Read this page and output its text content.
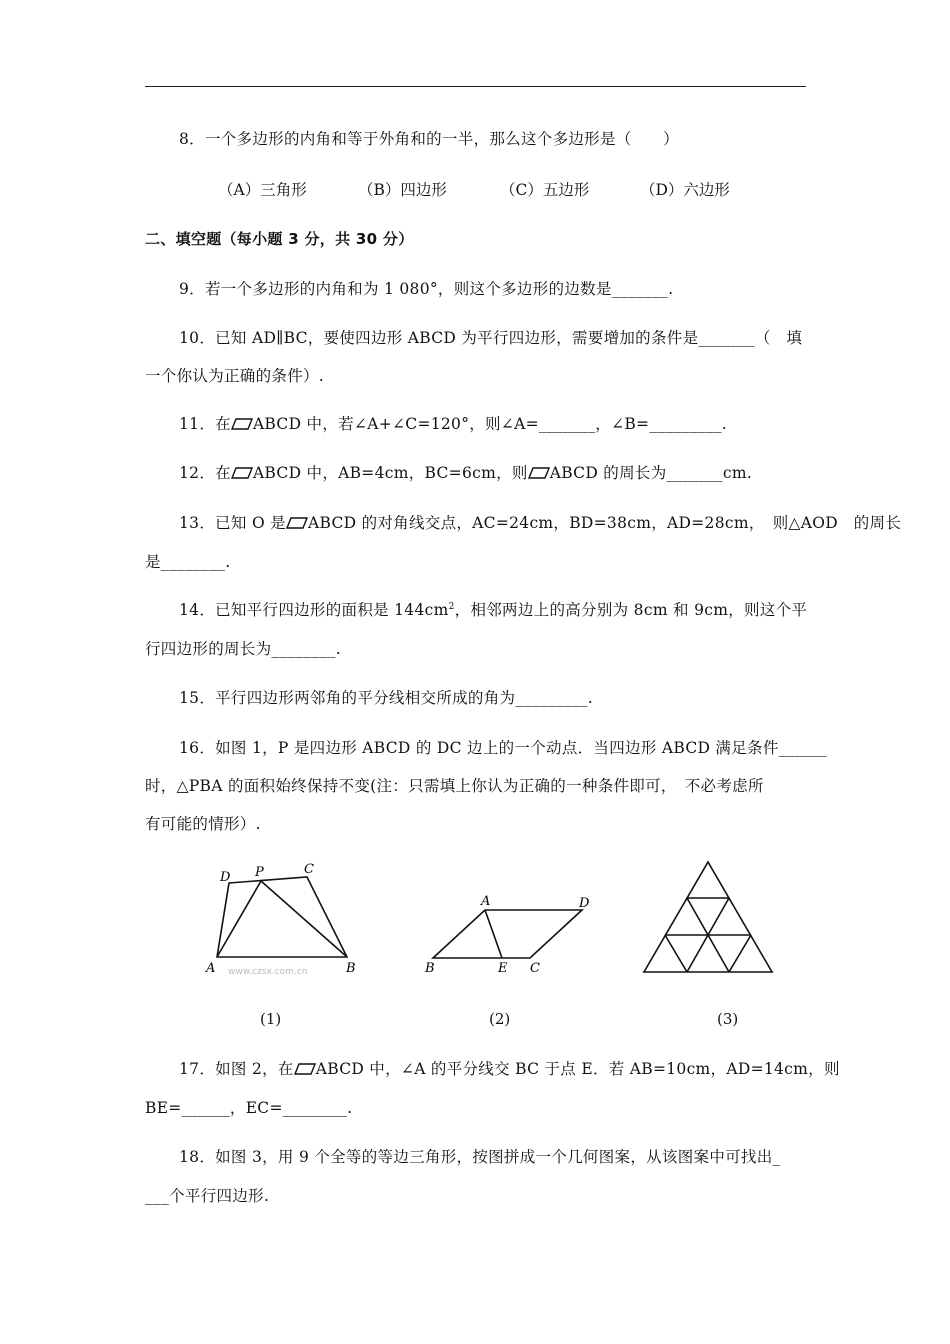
8．一个多边形的内角和等于外角和的一半，那么这个多边形是（　　）
（A）三角形	（B）四边形	（C）五边形	（D）六边形
二、填空题（每小题 3 分，共 30 分）
9．若一个多边形的内角和为 1 080°，则这个多边形的边数是_______.
10．已知 AD∥BC，要使四边形 ABCD 为平行四边形，需要增加的条件是_______（　填
一个你认为正确的条件）.
11．在 ABCD 中，若∠A+∠C=120°，则∠A=_______，∠B=_________.
12．在 ABCD 中，AB=4cm，BC=6cm，则 ABCD 的周长为_______cm.
13．已知 O 是 ABCD 的对角线交点，AC=24cm，BD=38cm，AD=28cm，　则△AOD　的周长
是________.
14．已知平行四边形的面积是 $144cm^2$，相邻两边上的高分别为 8cm 和 9cm，则这个平
行四边形的周长为________.
15．平行四边形两邻角的平分线相交所成的角为_________.
16．如图 1，P 是四边形 ABCD 的 DC 边上的一个动点．当四边形 ABCD 满足条件______
时，△PBA 的面积始终保持不变(注：只需填上你认为正确的一种条件即可，　不必考虑所
有可能的情形）.
D P	C
A	B
www.czsx.com.cn
A	D
B	E C
(1)	(2)	(3)
17．如图 2，在 ABCD 中，∠A 的平分线交 BC 于点 E．若 AB=10cm，AD=14cm，则
BE=______，EC=________.
18．如图 3，用 9 个全等的等边三角形，按图拼成一个几何图案，从该图案中可找出_
___个平行四边形.
